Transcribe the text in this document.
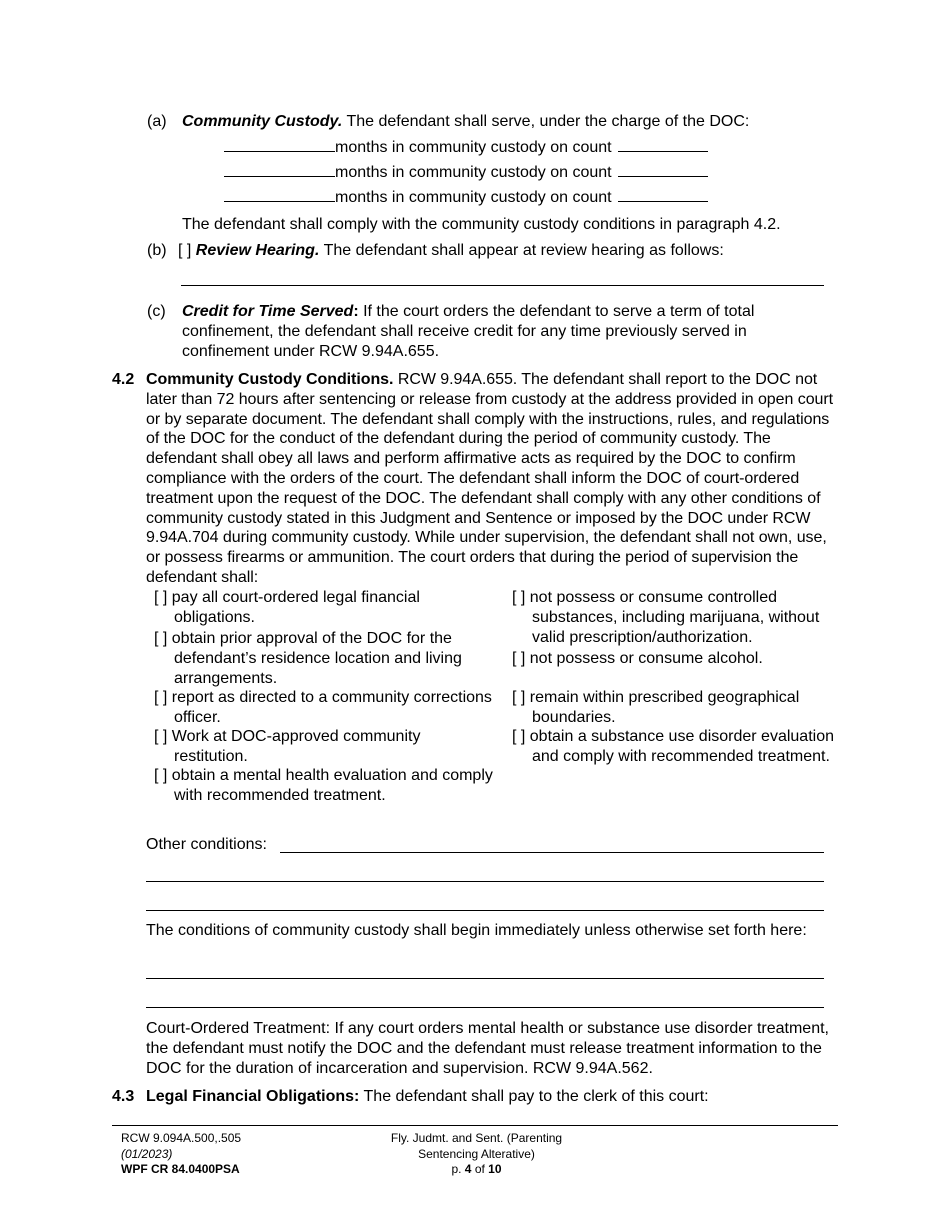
(a) Community Custody. The defendant shall serve, under the charge of the DOC:
months in community custody on count
months in community custody on count
months in community custody on count
The defendant shall comply with the community custody conditions in paragraph 4.2.
(b) [ ] Review Hearing. The defendant shall appear at review hearing as follows:
(c) Credit for Time Served: If the court orders the defendant to serve a term of total confinement, the defendant shall receive credit for any time previously served in confinement under RCW 9.94A.655.
4.2 Community Custody Conditions. RCW 9.94A.655. The defendant shall report to the DOC not later than 72 hours after sentencing or release from custody at the address provided in open court or by separate document. The defendant shall comply with the instructions, rules, and regulations of the DOC for the conduct of the defendant during the period of community custody. The defendant shall obey all laws and perform affirmative acts as required by the DOC to confirm compliance with the orders of the court. The defendant shall inform the DOC of court-ordered treatment upon the request of the DOC. The defendant shall comply with any other conditions of community custody stated in this Judgment and Sentence or imposed by the DOC under RCW 9.94A.704 during community custody. While under supervision, the defendant shall not own, use, or possess firearms or ammunition. The court orders that during the period of supervision the defendant shall:
[ ] pay all court-ordered legal financial obligations.
[ ] obtain prior approval of the DOC for the defendant’s residence location and living arrangements.
[ ] report as directed to a community corrections officer.
[ ] Work at DOC-approved community restitution.
[ ] obtain a mental health evaluation and comply with recommended treatment.
[ ] not possess or consume controlled substances, including marijuana, without valid prescription/authorization.
[ ] not possess or consume alcohol.
[ ] remain within prescribed geographical boundaries.
[ ] obtain a substance use disorder evaluation and comply with recommended treatment.
Other conditions:
The conditions of community custody shall begin immediately unless otherwise set forth here:
Court-Ordered Treatment: If any court orders mental health or substance use disorder treatment, the defendant must notify the DOC and the defendant must release treatment information to the DOC for the duration of incarceration and supervision. RCW 9.94A.562.
4.3 Legal Financial Obligations: The defendant shall pay to the clerk of this court:
RCW 9.094A.500,.505
(01/2023)
WPF CR 84.0400PSA
Fly. Judmt. and Sent. (Parenting
Sentencing Alterative)
p. 4 of 10
